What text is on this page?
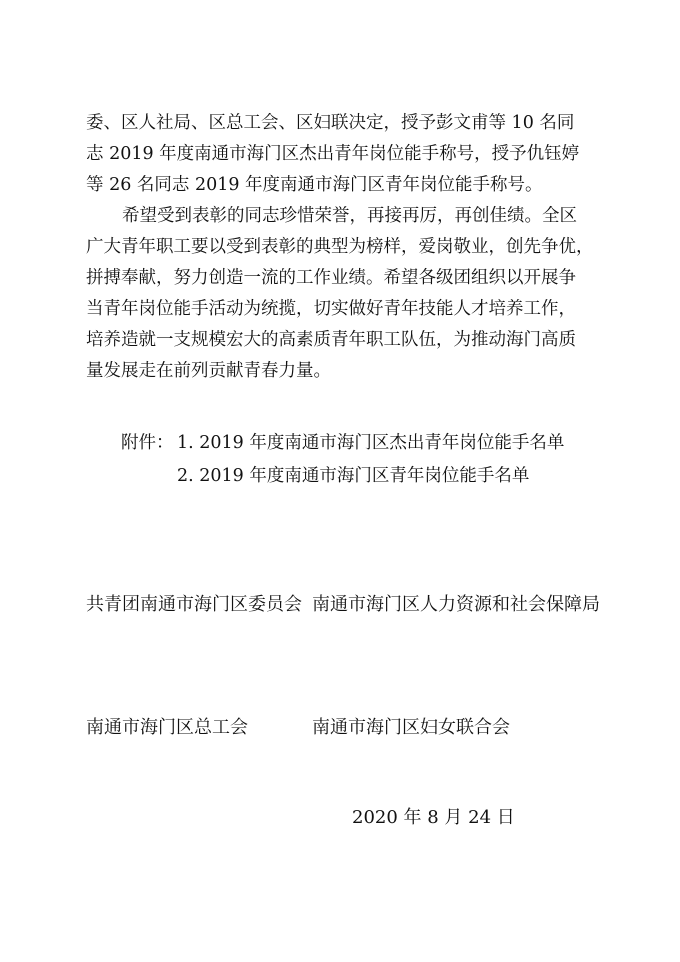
委、区人社局、区总工会、区妇联决定，授予彭文甫等 10 名同
志 2019 年度南通市海门区杰出青年岗位能手称号，授予仇钰婷
等 26 名同志 2019 年度南通市海门区青年岗位能手称号。
希望受到表彰的同志珍惜荣誉，再接再厉，再创佳绩。全区
广大青年职工要以受到表彰的典型为榜样，爱岗敬业，创先争优，
拼搏奉献，努力创造一流的工作业绩。希望各级团组织以开展争
当青年岗位能手活动为统揽，切实做好青年技能人才培养工作，
培养造就一支规模宏大的高素质青年职工队伍，为推动海门高质
量发展走在前列贡献青春力量。
附件： 1. 2019 年度南通市海门区杰出青年岗位能手名单
2. 2019 年度南通市海门区青年岗位能手名单
共青团南通市海门区委员会 南通市海门区人力资源和社会保障局
南通市海门区总工会	南通市海门区妇女联合会
2020 年 8 月 24 日
